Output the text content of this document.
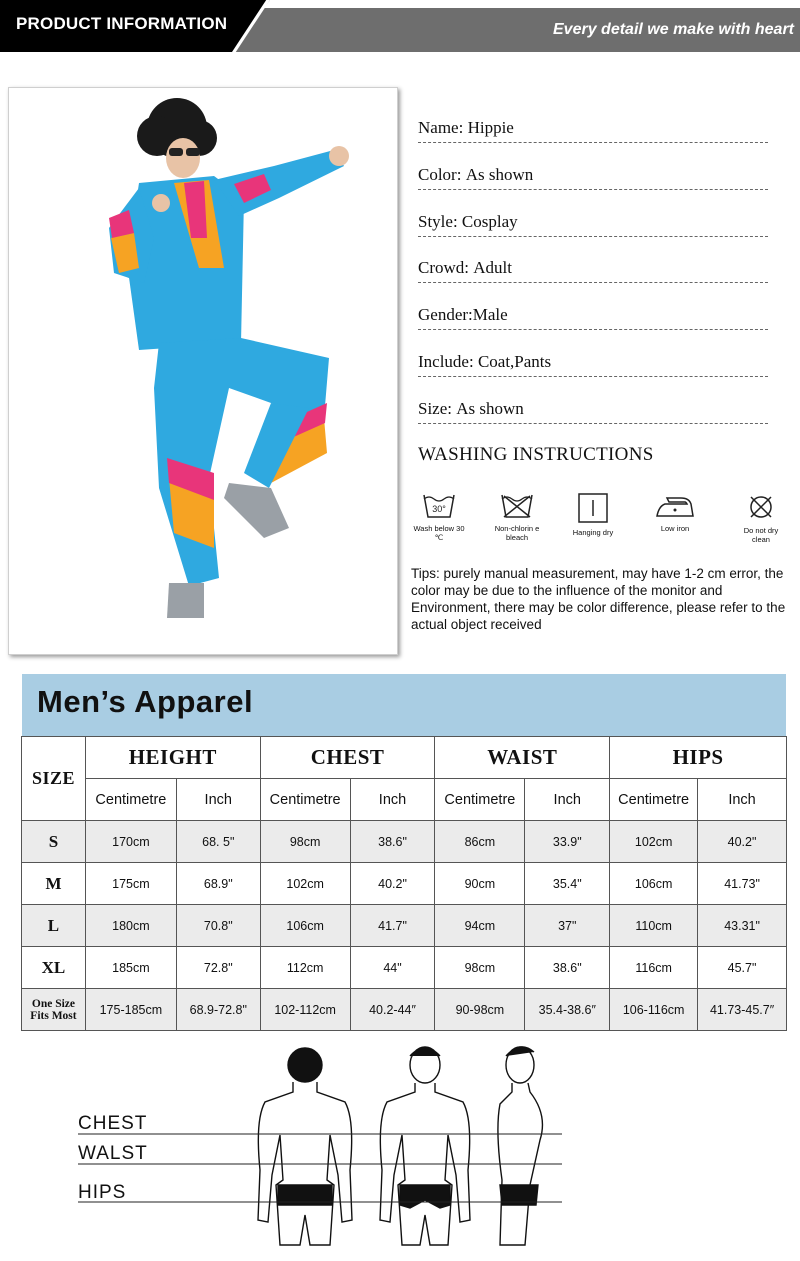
PRODUCT INFORMATION	Every detail we make with heart
Name: Hippie
Color: As shown
Style: Cosplay
Crowd: Adult
Gender:Male
Include: Coat,Pants
Size: As shown
WASHING INSTRUCTIONS
30°
Wash below 30 ℃
Non-chlorin e bleach
Hanging dry	Low iron	Do not dry clean
Tips: purely manual measurement, may have 1-2 cm error, the color may be due to the influence of the monitor and Environment, there may be color difference, please refer to the actual object received
Men’s Apparel
SIZE	HEIGHT		CHEST		WAIST		HIPS	
	Centimetre	Inch	Centimetre	Inch	Centimetre	Inch	Centimetre	Inch
S	170cm	68. 5"	98cm	38.6"	86cm	33.9"	102cm	40.2"
M	175cm	68.9"	102cm	40.2"	90cm	35.4"	106cm	41.73"
L	180cm	70.8"	106cm	41.7"	94cm	37"	110cm	43.31"
XL	185cm	72.8"	112cm	44"	98cm	38.6"	116cm	45.7"

One Size
Fits Most	175-185cm	68.9-72.8"	102-112cm	40.2-44″	90-98cm	35.4-38.6″	106-116cm	41.73-45.7″
CHEST
WALST
HIPS
